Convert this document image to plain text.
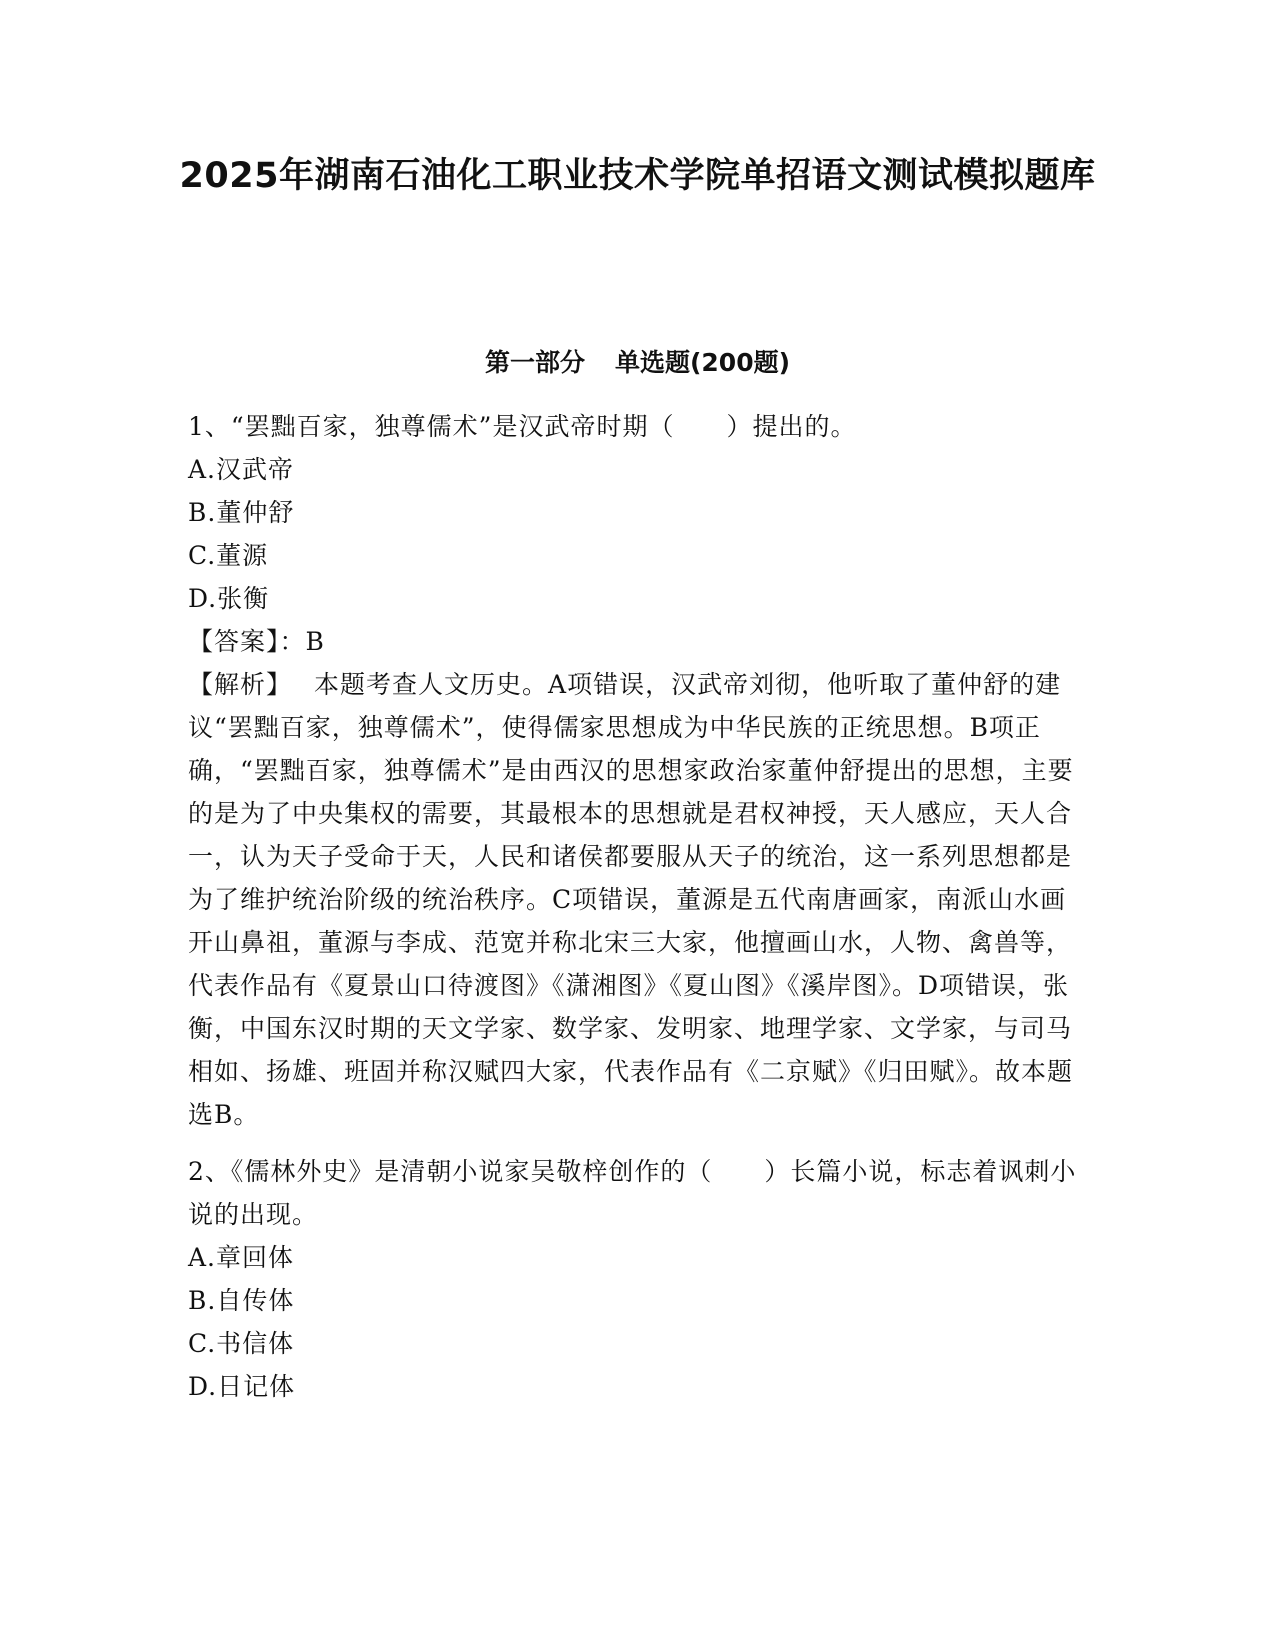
2025年湖南石油化工职业技术学院单招语文测试模拟题库
第一部分 单选题(200题)

1、“罢黜百家，独尊儒术”是汉武帝时期（　　）提出的。

A.汉武帝

B.董仲舒

C.董源

D.张衡

【答案】：B

【解析】 本题考查人文历史。A项错误，汉武帝刘彻，他听取了董仲舒的建议“罢黜百家，独尊儒术”，使得儒家思想成为中华民族的正统思想。B项正确，“罢黜百家，独尊儒术”是由西汉的思想家政治家董仲舒提出的思想，主要的是为了中央集权的需要，其最根本的思想就是君权神授，天人感应，天人合一，认为天子受命于天，人民和诸侯都要服从天子的统治，这一系列思想都是为了维护统治阶级的统治秩序。C项错误，董源是五代南唐画家，南派山水画开山鼻祖，董源与李成、范宽并称北宋三大家，他擅画山水，人物、禽兽等，代表作品有《夏景山口待渡图》《潇湘图》《夏山图》《溪岸图》。D项错误，张衡，中国东汉时期的天文学家、数学家、发明家、地理学家、文学家，与司马相如、扬雄、班固并称汉赋四大家，代表作品有《二京赋》《归田赋》。故本题选B。

2、《儒林外史》是清朝小说家吴敬梓创作的（　　）长篇小说，标志着讽刺小说的出现。

A.章回体

B.自传体

C.书信体

D.日记体
